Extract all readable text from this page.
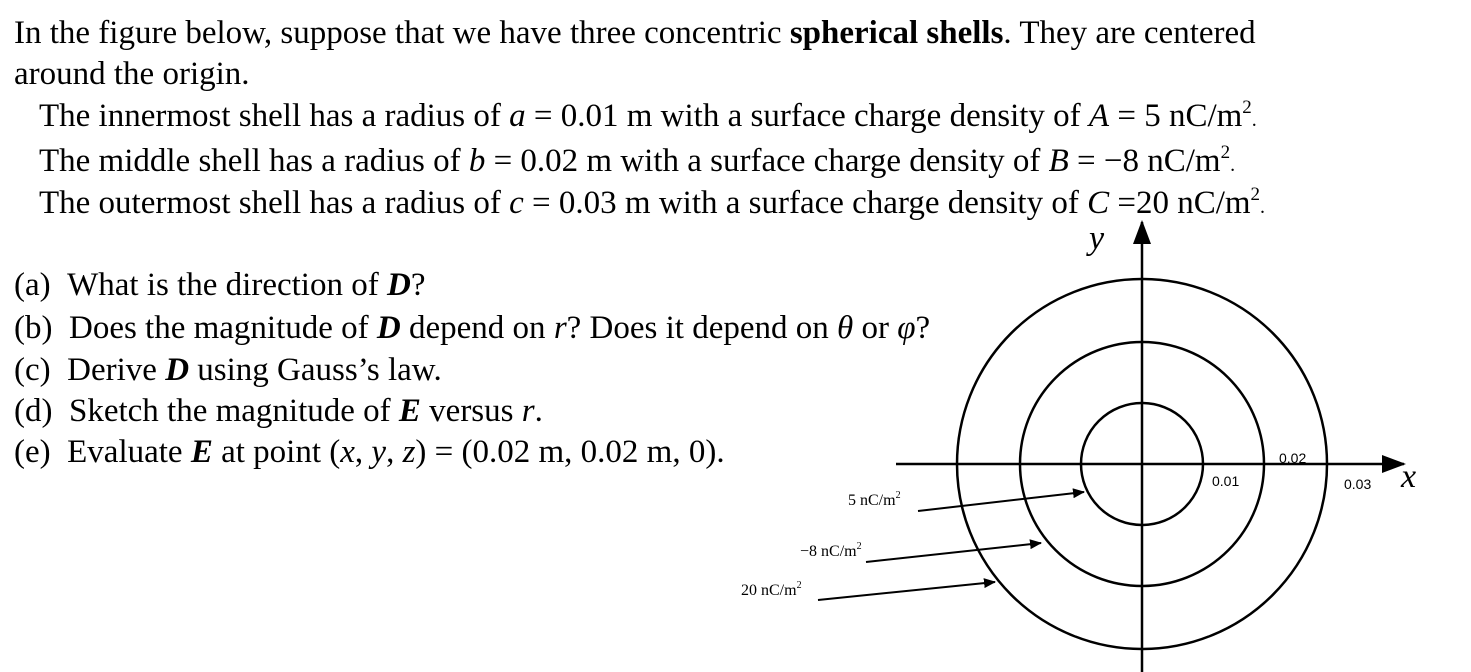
In the figure below, suppose that we have three concentric spherical shells. They are centered
around the origin.
The innermost shell has a radius of a = 0.01 m with a surface charge density of A = 5 $nC/m^2$.
The middle shell has a radius of b = 0.02 m with a surface charge density of B = −8 $nC/m^2$.
The outermost shell has a radius of c = 0.03 m with a surface charge density of C =20 $nC/m^2$.
(a) What is the direction of D?
(b) Does the magnitude of D depend on r? Does it depend on θ or φ?
(c) Derive D using Gauss’s law.
(d) Sketch the magnitude of E versus r.
(e) Evaluate E at point (x, y, z) = (0.02 m, 0.02 m, 0).
y
x
0.01
0.02
0.03
5 $nC/m^2$
−8 $nC/m^2$
20 $nC/m^2$
